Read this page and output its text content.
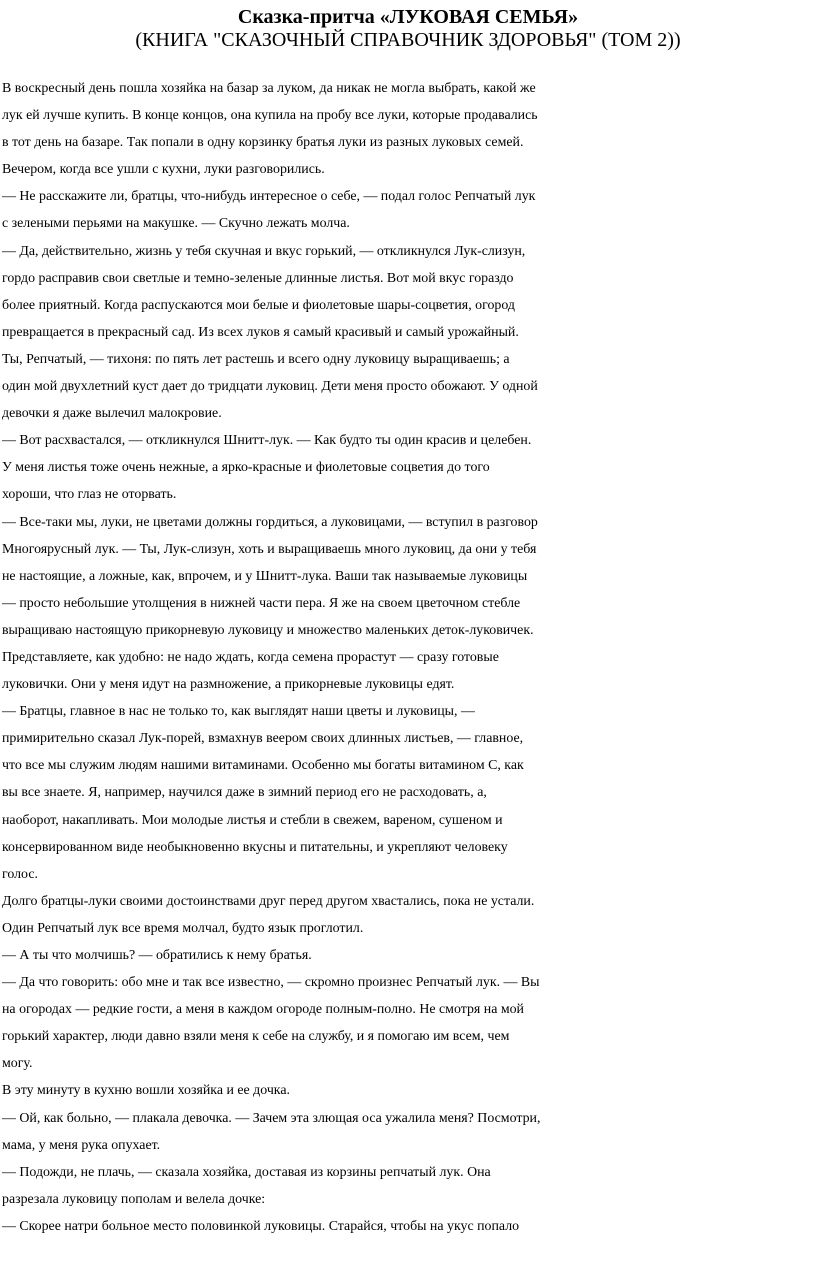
Сказка-притча «ЛУКОВАЯ СЕМЬЯ»
(КНИГА "СКАЗОЧНЫЙ СПРАВОЧНИК ЗДОРОВЬЯ" (ТОМ 2))
В воскресный день пошла хозяйка на базар за луком, да никак не могла выбрать, какой же
лук ей лучше купить. В конце концов, она купила на пробу все луки, которые продавались
в тот день на базаре. Так попали в одну корзинку братья луки из разных луковых семей.
Вечером, когда все ушли с кухни, луки разговорились.
— Не расскажите ли, братцы, что-нибудь интересное о себе, — подал голос Репчатый лук
с зелеными перьями на макушке. — Скучно лежать молча.
— Да, действительно, жизнь у тебя скучная и вкус горький, — откликнулся Лук-слизун,
гордо расправив свои светлые и темно-зеленые длинные листья. Вот мой вкус гораздо
более приятный. Когда распускаются мои белые и фиолетовые шары-соцветия, огород
превращается в прекрасный сад. Из всех луков я самый красивый и самый урожайный.
Ты, Репчатый, — тихоня: по пять лет растешь и всего одну луковицу выращиваешь; а
один мой двухлетний куст дает до тридцати луковиц. Дети меня просто обожают. У одной
девочки я даже вылечил малокровие.
— Вот расхвастался, — откликнулся Шнитт-лук. — Как будто ты один красив и целебен.
У меня листья тоже очень нежные, а ярко-красные и фиолетовые соцветия до того
хороши, что глаз не оторвать.
— Все-таки мы, луки, не цветами должны гордиться, а луковицами, — вступил в разговор
Многоярусный лук. — Ты, Лук-слизун, хоть и выращиваешь много луковиц, да они у тебя
не настоящие, а ложные, как, впрочем, и у Шнитт-лука. Ваши так называемые луковицы
— просто небольшие утолщения в нижней части пера. Я же на своем цветочном стебле
выращиваю настоящую прикорневую луковицу и множество маленьких деток-луковичек.
Представляете, как удобно: не надо ждать, когда семена прорастут — сразу готовые
луковички. Они у меня идут на размножение, а прикорневые луковицы едят.
— Братцы, главное в нас не только то, как выглядят наши цветы и луковицы, —
примирительно сказал Лук-порей, взмахнув веером своих длинных листьев, — главное,
что все мы служим людям нашими витаминами. Особенно мы богаты витамином С, как
вы все знаете. Я, например, научился даже в зимний период его не расходовать, а,
наоборот, накапливать. Мои молодые листья и стебли в свежем, вареном, сушеном и
консервированном виде необыкновенно вкусны и питательны, и укрепляют человеку
голос.
Долго братцы-луки своими достоинствами друг перед другом хвастались, пока не устали.
Один Репчатый лук все время молчал, будто язык проглотил.
— А ты что молчишь? — обратились к нему братья.
— Да что говорить: обо мне и так все известно, — скромно произнес Репчатый лук. — Вы
на огородах — редкие гости, а меня в каждом огороде полным-полно. Не смотря на мой
горький характер, люди давно взяли меня к себе на службу, и я помогаю им всем, чем
могу.
В эту минуту в кухню вошли хозяйка и ее дочка.
— Ой, как больно, — плакала девочка. — Зачем эта злющая оса ужалила меня? Посмотри,
мама, у меня рука опухает.
— Подожди, не плачь, — сказала хозяйка, доставая из корзины репчатый лук. Она
разрезала луковицу пополам и велела дочке:
— Скорее натри больное место половинкой луковицы. Старайся, чтобы на укус попало
